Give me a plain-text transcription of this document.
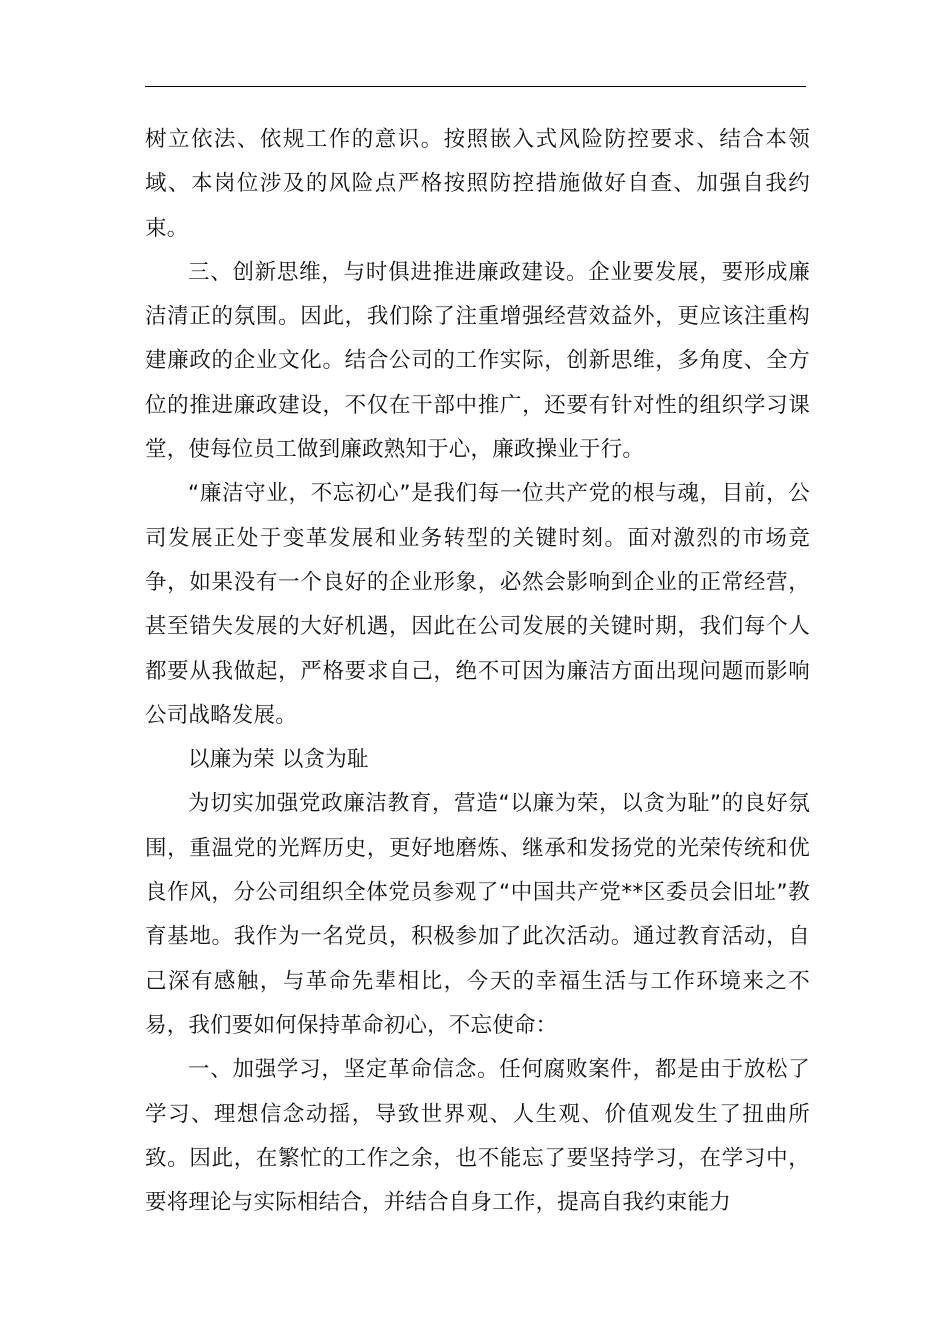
树立依法、依规工作的意识。按照嵌入式风险防控要求、结合本领域、本岗位涉及的风险点严格按照防控措施做好自查、加强自我约束。

三、创新思维，与时俱进推进廉政建设。企业要发展，要形成廉洁清正的氛围。因此，我们除了注重增强经营效益外，更应该注重构建廉政的企业文化。结合公司的工作实际，创新思维，多角度、全方位的推进廉政建设，不仅在干部中推广，还要有针对性的组织学习课堂，使每位员工做到廉政熟知于心，廉政操业于行。

“廉洁守业，不忘初心”是我们每一位共产党的根与魂，目前，公司发展正处于变革发展和业务转型的关键时刻。面对激烈的市场竞争，如果没有一个良好的企业形象，必然会影响到企业的正常经营，甚至错失发展的大好机遇，因此在公司发展的关键时期，我们每个人都要从我做起，严格要求自己，绝不可因为廉洁方面出现问题而影响公司战略发展。

以廉为荣 以贪为耻

为切实加强党政廉洁教育，营造“以廉为荣，以贪为耻”的良好氛围，重温党的光辉历史，更好地磨炼、继承和发扬党的光荣传统和优良作风，分公司组织全体党员参观了“中国共产党**区委员会旧址”教育基地。我作为一名党员，积极参加了此次活动。通过教育活动，自己深有感触，与革命先辈相比，今天的幸福生活与工作环境来之不易，我们要如何保持革命初心，不忘使命：

一、加强学习，坚定革命信念。任何腐败案件，都是由于放松了学习、理想信念动摇，导致世界观、人生观、价值观发生了扭曲所致。因此，在繁忙的工作之余，也不能忘了要坚持学习，在学习中，要将理论与实际相结合，并结合自身工作，提高自我约束能力
